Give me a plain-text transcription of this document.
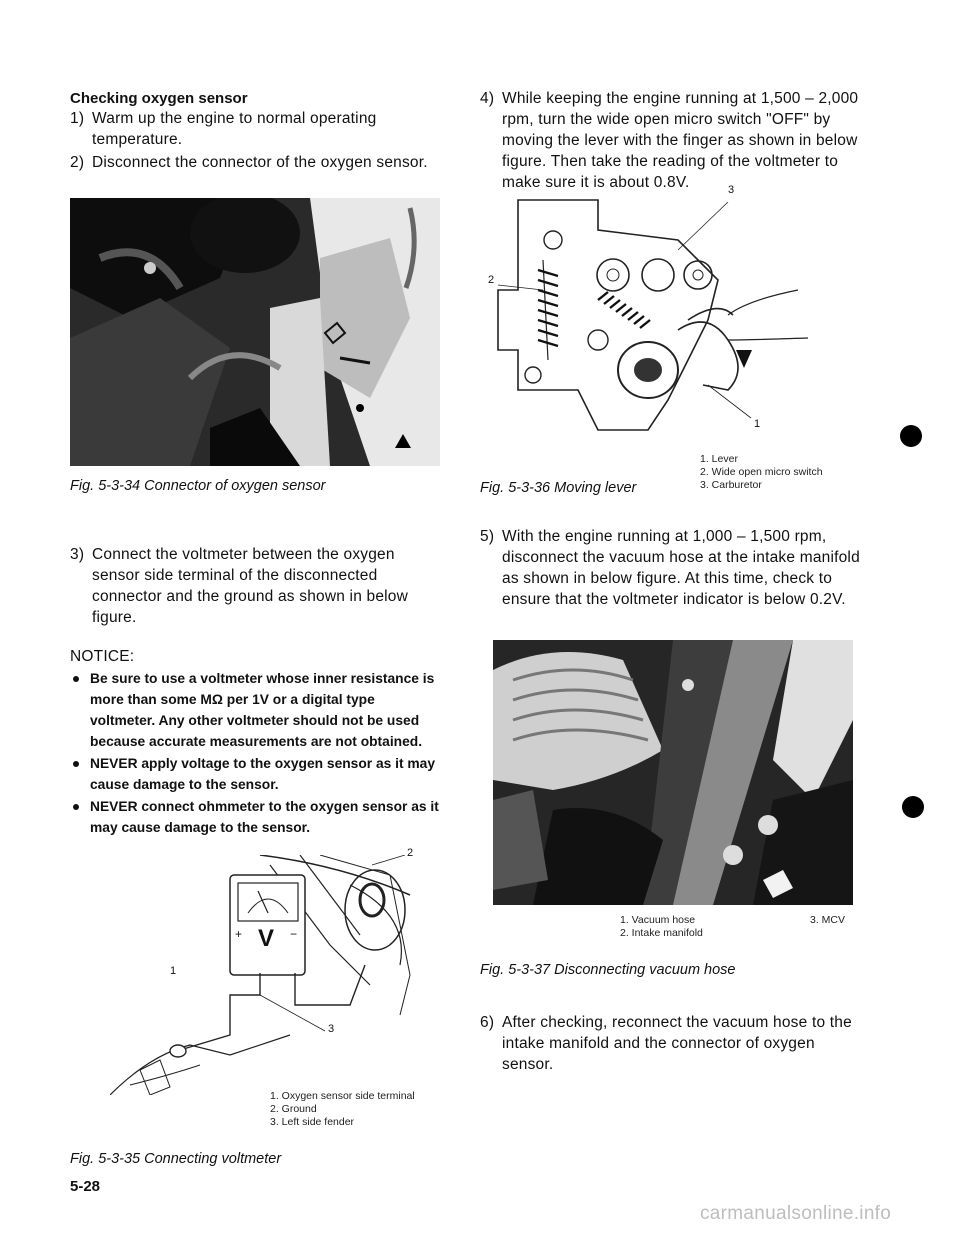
Checking oxygen sensor
1) Warm up the engine to normal operating temperature.
2) Disconnect the connector of the oxygen sensor.
Fig. 5-3-34 Connector of oxygen sensor
3) Connect the voltmeter between the oxygen sensor side terminal of the disconnected connector and the ground as shown in below figure.
NOTICE:
Be sure to use a voltmeter whose inner resistance is more than some MΩ per 1V or a digital type voltmeter. Any other voltmeter should not be used because accurate measurements are not obtained.
NEVER apply voltage to the oxygen sensor as it may cause damage to the sensor.
NEVER connect ohmmeter to the oxygen sensor as it may cause damage to the sensor.
V
+	−
1
2
3
1. Oxygen sensor side terminal
2. Ground
3. Left side fender
Fig. 5-3-35 Connecting voltmeter
5-28
4) While keeping the engine running at 1,500 – 2,000 rpm, turn the wide open micro switch "OFF" by moving the lever with the finger as shown in below figure. Then take the reading of the voltmeter to make sure it is about 0.8V.
1
2
3
Fig. 5-3-36 Moving lever
1. Lever
2. Wide open micro switch
3. Carburetor
5) With the engine running at 1,000 – 1,500 rpm, disconnect the vacuum hose at the intake manifold as shown in below figure. At this time, check to ensure that the voltmeter indicator is below 0.2V.
1. Vacuum hose
2. Intake manifold
3. MCV
Fig. 5-3-37 Disconnecting vacuum hose
6) After checking, reconnect the vacuum hose to the intake manifold and the connector of oxygen sensor.
carmanualsonline.info
